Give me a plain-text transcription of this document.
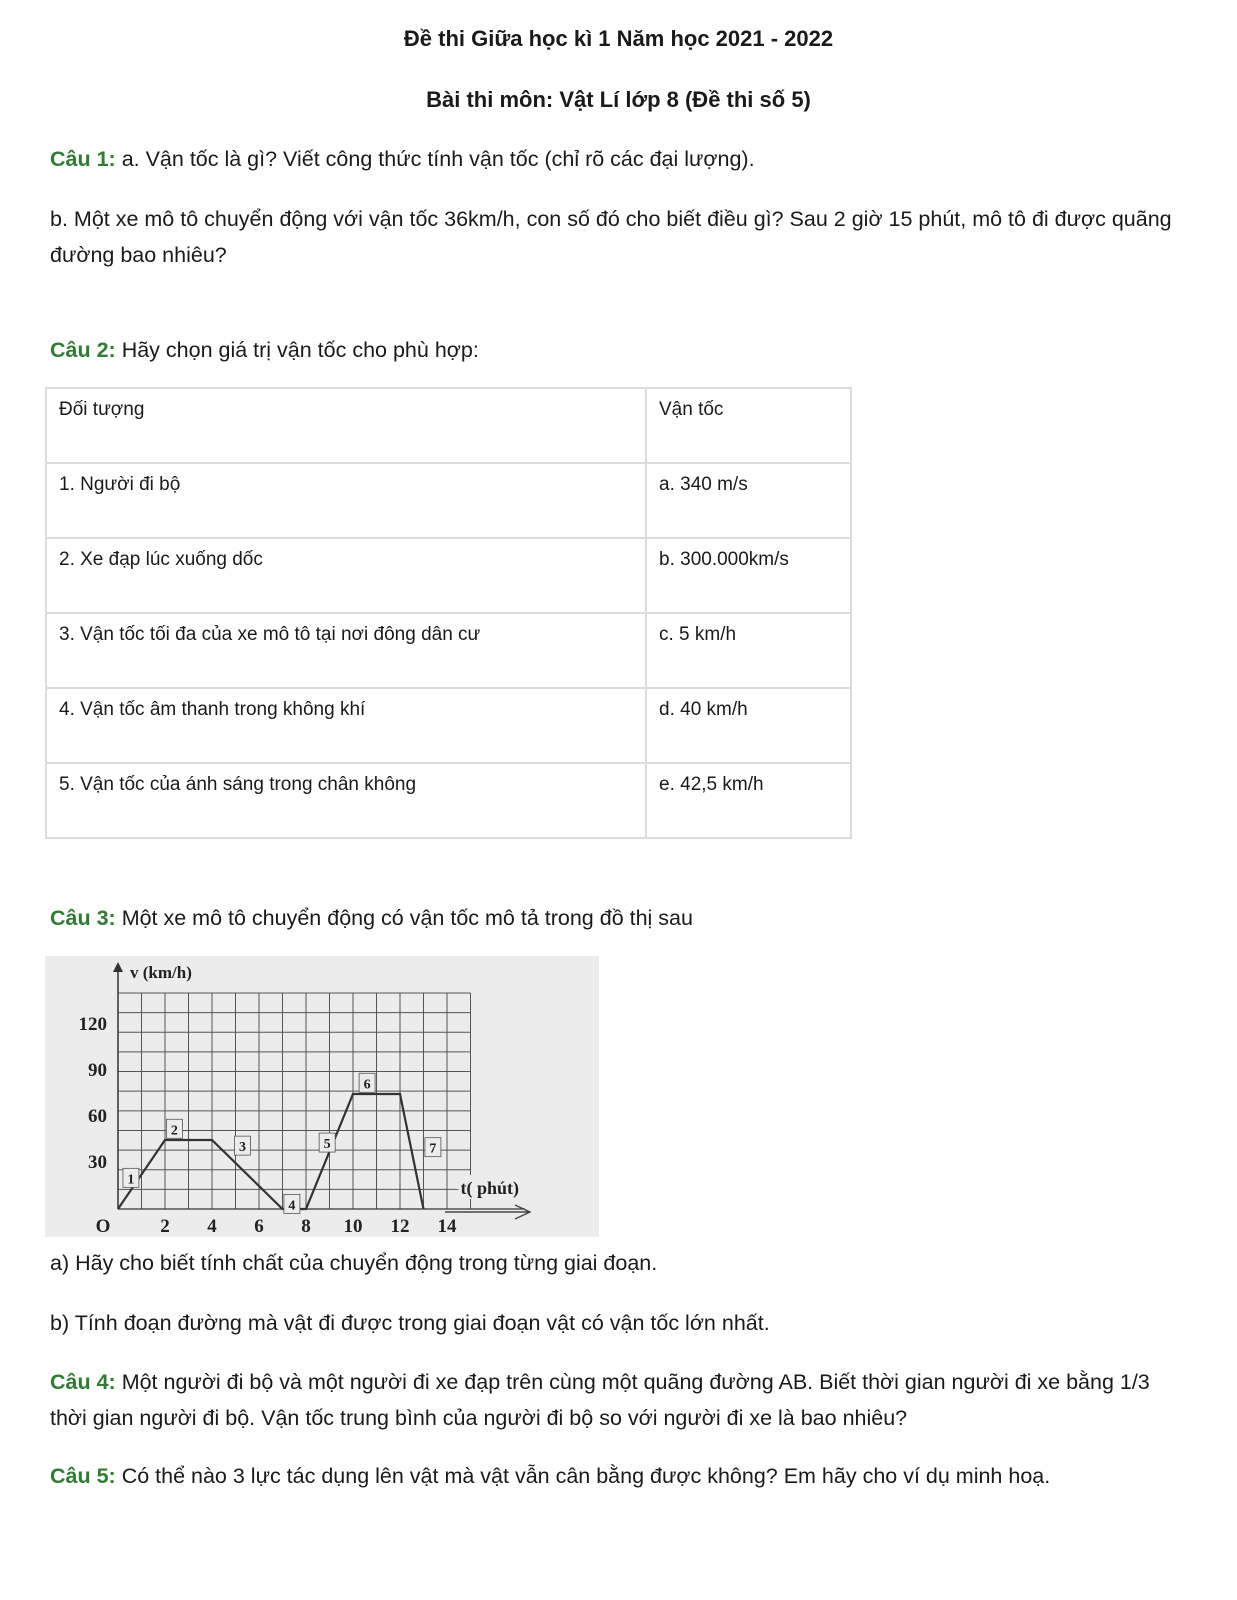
Đề thi Giữa học kì 1 Năm học 2021 - 2022
Bài thi môn: Vật Lí lớp 8 (Đề thi số 5)
Câu 1: a. Vận tốc là gì? Viết công thức tính vận tốc (chỉ rõ các đại lượng).
b. Một xe mô tô chuyển động với vận tốc 36km/h, con số đó cho biết điều gì? Sau 2 giờ 15 phút, mô tô đi được quãng đường bao nhiêu?
Câu 2: Hãy chọn giá trị vận tốc cho phù hợp:
Đối tượng	Vận tốc
1. Người đi bộ	a. 340 m/s
2. Xe đạp lúc xuống dốc	b. 300.000km/s
3. Vận tốc tối đa của xe mô tô tại nơi đông dân cư	c. 5 km/h
4. Vận tốc âm thanh trong không khí	d. 40 km/h
5. Vận tốc của ánh sáng trong chân không	e. 42,5 km/h
Câu 3: Một xe mô tô chuyển động có vận tốc mô tả trong đồ thị sau
30
60
90
120
2 4 6 8 10 12 14
O
v (km/h)
t( phút)
1
2
3
4
5
6
7
a) Hãy cho biết tính chất của chuyển động trong từng giai đoạn.
b) Tính đoạn đường mà vật đi được trong giai đoạn vật có vận tốc lớn nhất.
Câu 4: Một người đi bộ và một người đi xe đạp trên cùng một quãng đường AB. Biết thời gian người đi xe bằng 1/3 thời gian người đi bộ. Vận tốc trung bình của người đi bộ so với người đi xe là bao nhiêu?
Câu 5: Có thể nào 3 lực tác dụng lên vật mà vật vẫn cân bằng được không? Em hãy cho ví dụ minh hoạ.
